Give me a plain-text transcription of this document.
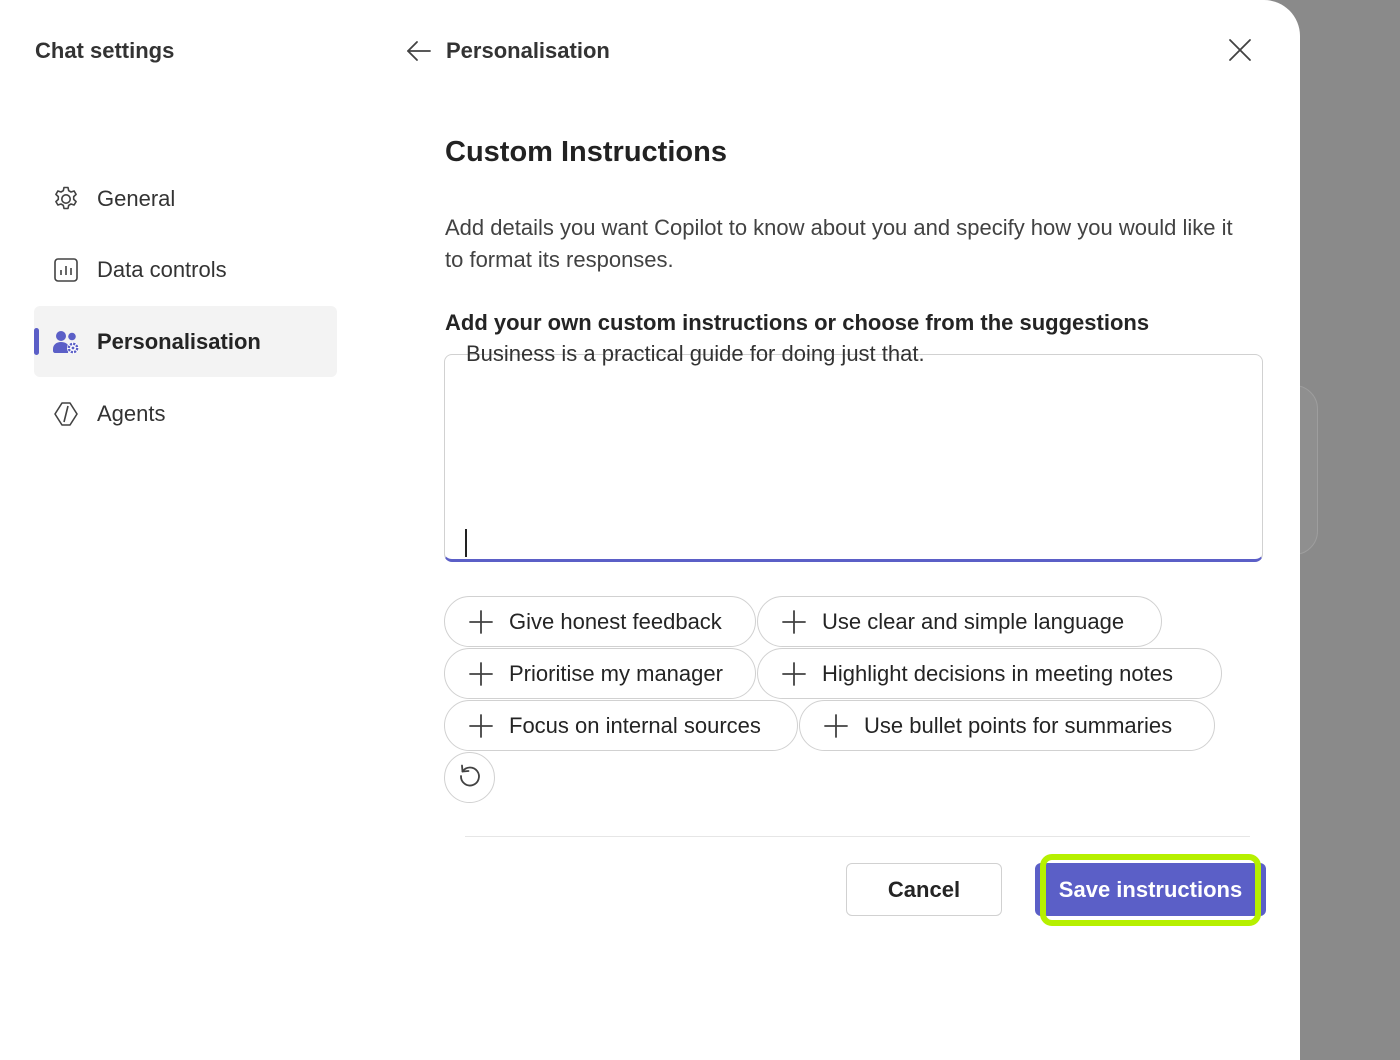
Chat settings
General
Data controls
Personalisation
Agents
Personalisation
Custom Instructions
Add details you want Copilot to know about you and specify how you would like it to format its responses.
Add your own custom instructions or choose from the suggestions
Business is a practical guide for doing just that.
Give honest feedback	Use clear and simple language
Prioritise my manager	Highlight decisions in meeting notes
Focus on internal sources	Use bullet points for summaries
Cancel	Save instructions
